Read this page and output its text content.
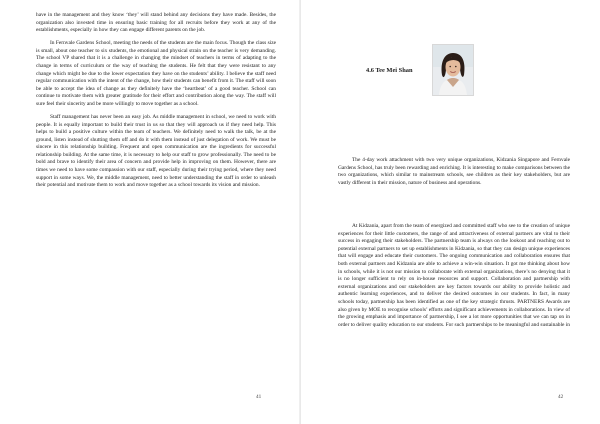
have in the management and they know ‘they’ will stand behind any decisions they have made. Besides, the organization also invested time in ensuring basic training for all recruits before they work at any of the establishments, especially in how they can engage different parents on the job.

In Fernvale Gardens School, meeting the needs of the students are the main focus. Though the class size is small, about one teacher to six students, the emotional and physical strain on the teacher is very demanding. The school VP shared that it is a challenge in changing the mindset of teachers in terms of adapting to the change in terms of curriculum or the way of teaching the students. He felt that they were resistant to any change which might be due to the lower expectation they have on the students’ ability. I believe the staff need regular communication with the intent of the change, how their students can benefit from it. The staff will soon be able to accept the idea of change as they definitely have the ‘heartbeat’ of a good teacher. School can continue to motivate them with greater gratitude for their effort and contribution along the way. The staff will sure feel their sincerity and be more willingly to move together as a school.

Staff management has never been an easy job. As middle management in school, we need to work with people. It is equally important to build their trust in us so that they will approach us if they need help. This helps to build a positive culture within the team of teachers. We definitely need to walk the talk, be at the ground, listen instead of shutting them off and do it with them instead of just delegation of work. We must be sincere in this relationship building. Frequent and open communication are the ingredients for successful relationship building. At the same time, it is necessary to help our staff to grow professionally. The need to be bold and brave to identify their area of concern and provide help in improving on them. However, there are times we need to have some compassion with our staff, especially during their trying period, where they need support in some ways. We, the middle management, need to better understanding the staff in order to unleash their potential and motivate them to work and move together as a school towards its vision and mission.

41
4.6 Tee Mei Shan

The 4-day work attachment with two very unique organizations, Kidzania Singapore and Fernvale Gardens School, has truly been rewarding and enriching. It is interesting to make comparisons between the two organizations, which similar to mainstream schools, see children as their key stakeholders, but are vastly different in their mission, nature of business and operations.

At Kidzania, apart from the team of energized and committed staff who see to the creation of unique experiences for their little customers, the range of and attractiveness of external partners are vital to their success in engaging their stakeholders. The partnership team is always on the lookout and reaching out to potential external partners to set up establishments in Kidzania, so that they can design unique experiences that will engage and educate their customers. The ongoing communication and collaboration ensures that both external partners and Kidzania are able to achieve a win-win situation. It got me thinking about how in schools, while it is not our mission to collaborate with external organizations, there’s no denying that it is no longer sufficient to rely on in-house resources and support. Collaboration and partnership with external organizations and our stakeholders are key factors towards our ability to provide holistic and authentic learning experiences, and to deliver the desired outcomes in our students. In fact, in many schools today, partnership has been identified as one of the key strategic thrusts. PARTNERS Awards are also given by MOE to recognise schools’ efforts and significant achievements in collaborations. In view of the growing emphasis and importance of partnership, I see a lot more opportunities that we can tap on in order to deliver quality education to our students. For such partnerships to be meaningful and sustainable in

42
